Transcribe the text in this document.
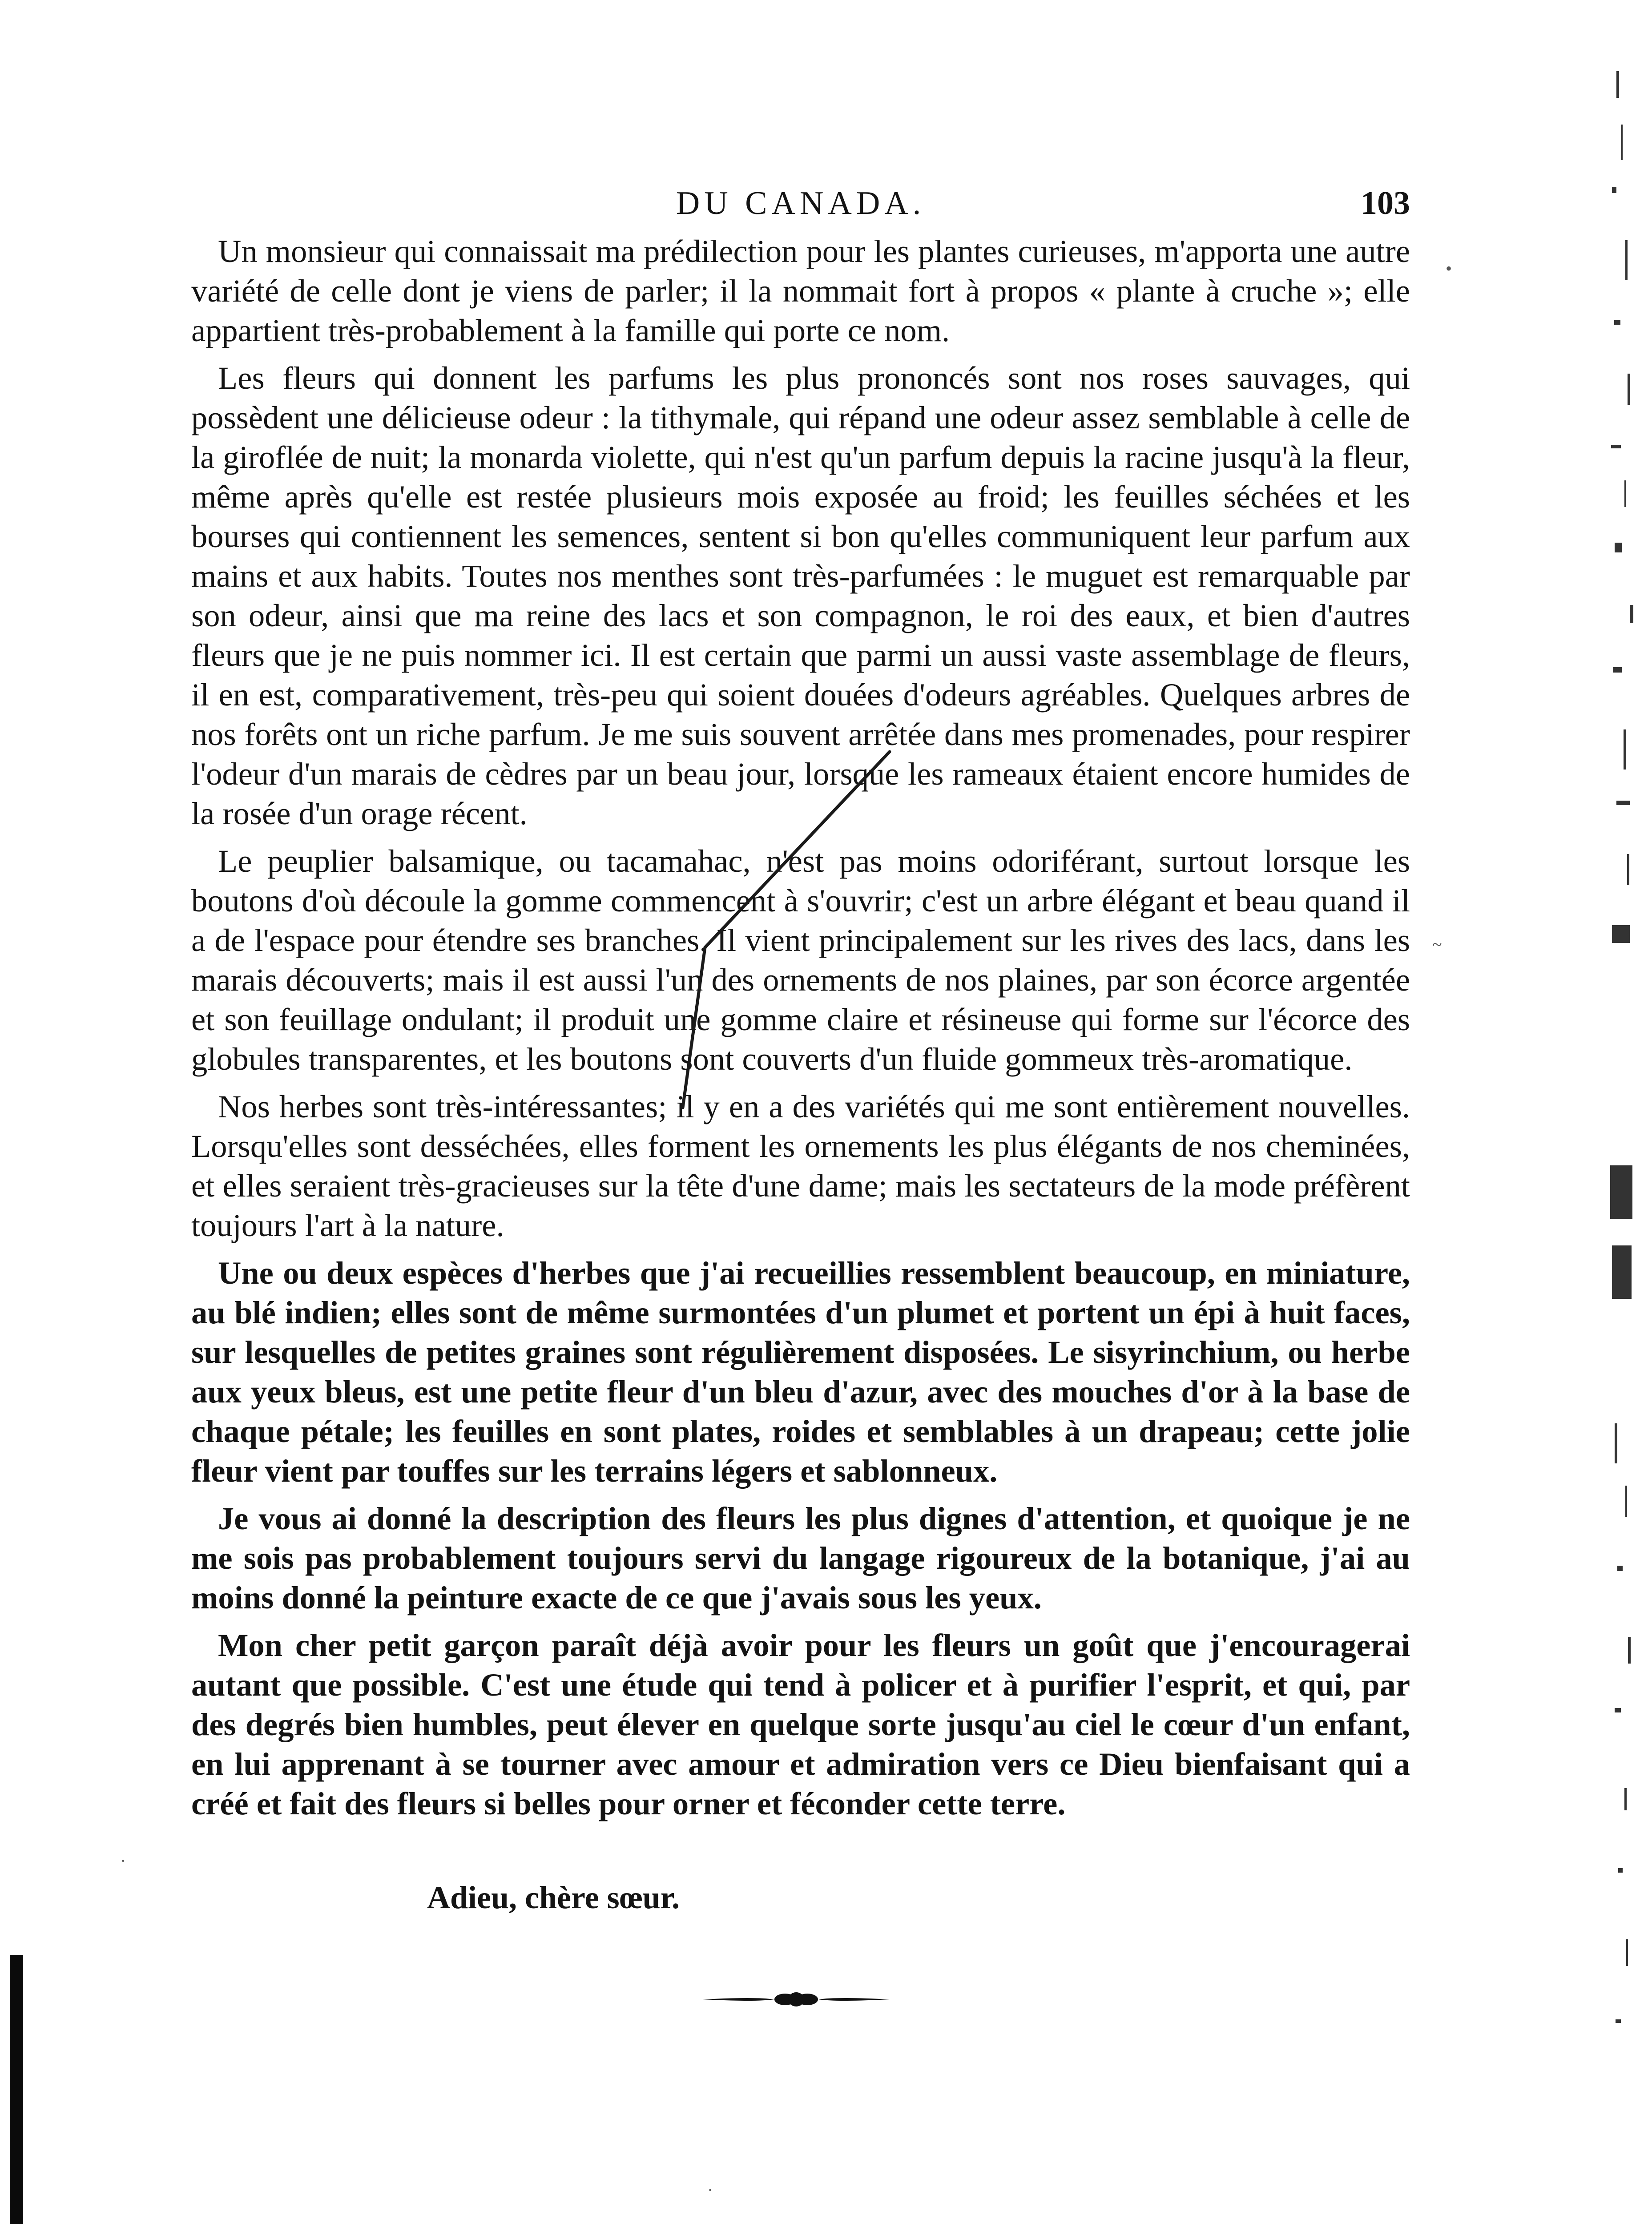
DU CANADA.	103

Un monsieur qui connaissait ma prédilection pour les plantes curieuses, m'apporta une autre variété de celle dont je viens de parler; il la nommait fort à propos « plante à cruche »; elle appartient très-probablement à la famille qui porte ce nom.

Les fleurs qui donnent les parfums les plus prononcés sont nos roses sauvages, qui possèdent une délicieuse odeur : la tithymale, qui répand une odeur assez semblable à celle de la giroflée de nuit; la monarda violette, qui n'est qu'un parfum depuis la racine jusqu'à la fleur, même après qu'elle est restée plusieurs mois exposée au froid; les feuilles séchées et les bourses qui contiennent les semences, sentent si bon qu'elles communiquent leur parfum aux mains et aux habits. Toutes nos menthes sont très-parfumées : le muguet est remarquable par son odeur, ainsi que ma reine des lacs et son compagnon, le roi des eaux, et bien d'autres fleurs que je ne puis nommer ici. Il est certain que parmi un aussi vaste assemblage de fleurs, il en est, comparativement, très-peu qui soient douées d'odeurs agréables. Quelques arbres de nos forêts ont un riche parfum. Je me suis souvent arrêtée dans mes promenades, pour respirer l'odeur d'un marais de cèdres par un beau jour, lorsque les rameaux étaient encore humides de la rosée d'un orage récent.

Le peuplier balsamique, ou tacamahac, n'est pas moins odoriférant, surtout lorsque les boutons d'où découle la gomme commencent à s'ouvrir; c'est un arbre élégant et beau quand il a de l'espace pour étendre ses branches. Il vient principalement sur les rives des lacs, dans les marais découverts; mais il est aussi l'un des ornements de nos plaines, par son écorce argentée et son feuillage ondulant; il produit une gomme claire et résineuse qui forme sur l'écorce des globules transparentes, et les boutons sont couverts d'un fluide gommeux très-aromatique.

Nos herbes sont très-intéressantes; il y en a des variétés qui me sont entièrement nouvelles. Lorsqu'elles sont desséchées, elles forment les ornements les plus élégants de nos cheminées, et elles seraient très-gracieuses sur la tête d'une dame; mais les sectateurs de la mode préfèrent toujours l'art à la nature.

Une ou deux espèces d'herbes que j'ai recueillies ressemblent beaucoup, en miniature, au blé indien; elles sont de même surmontées d'un plumet et portent un épi à huit faces, sur lesquelles de petites graines sont régulièrement disposées. Le sisyrinchium, ou herbe aux yeux bleus, est une petite fleur d'un bleu d'azur, avec des mouches d'or à la base de chaque pétale; les feuilles en sont plates, roides et semblables à un drapeau; cette jolie fleur vient par touffes sur les terrains légers et sablonneux.

Je vous ai donné la description des fleurs les plus dignes d'attention, et quoique je ne me sois pas probablement toujours servi du langage rigoureux de la botanique, j'ai au moins donné la peinture exacte de ce que j'avais sous les yeux.

Mon cher petit garçon paraît déjà avoir pour les fleurs un goût que j'encouragerai autant que possible. C'est une étude qui tend à policer et à purifier l'esprit, et qui, par des degrés bien humbles, peut élever en quelque sorte jusqu'au ciel le cœur d'un enfant, en lui apprenant à se tourner avec amour et admiration vers ce Dieu bienfaisant qui a créé et fait des fleurs si belles pour orner et féconder cette terre.

Adieu, chère sœur.
•
~
·
·
